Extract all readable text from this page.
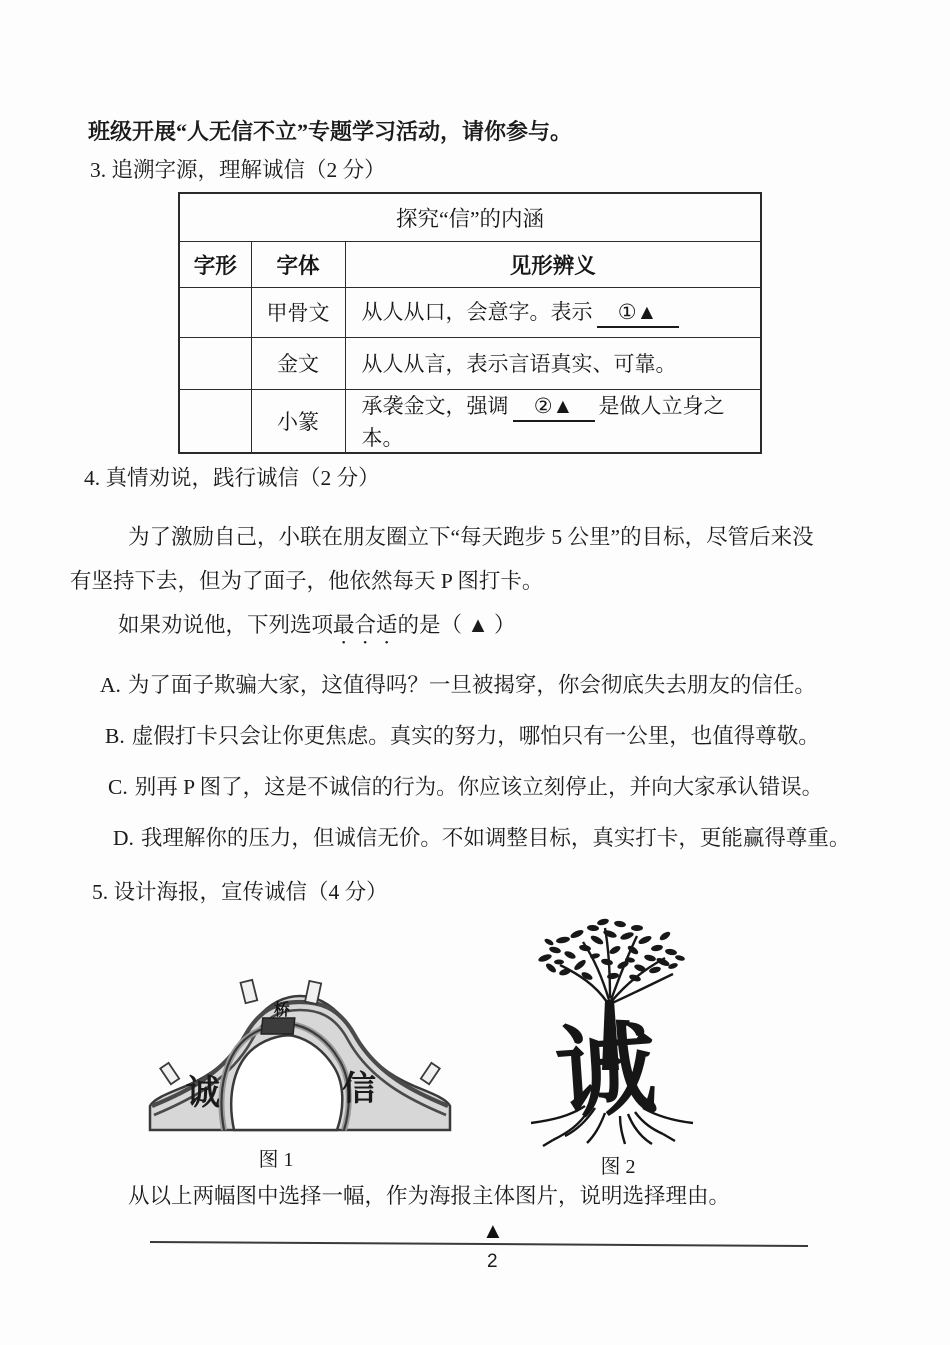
班级开展“人无信不立”专题学习活动，请你参与。
3. 追溯字源，理解诚信（2 分）
探究“信”的内涵		
字形	字体	见形辨义
	甲骨文	从人从口，会意字。表示 ①▲
	金文	从人从言，表示言语真实、可靠。
	小篆	承袭金文，强调 ②▲ 是做人立身之本。
4. 真情劝说，践行诚信（2 分）
为了激励自己，小联在朋友圈立下“每天跑步 5 公里”的目标，尽管后来没
有坚持下去，但为了面子，他依然每天 P 图打卡。
如果劝说他，下列选项最合适的是（ ▲ ）
A. 为了面子欺骗大家，这值得吗？一旦被揭穿，你会彻底失去朋友的信任。
B. 虚假打卡只会让你更焦虑。真实的努力，哪怕只有一公里，也值得尊敬。
C. 别再 P 图了，这是不诚信的行为。你应该立刻停止，并向大家承认错误。
D. 我理解你的压力，但诚信无价。不如调整目标，真实打卡，更能赢得尊重。
5. 设计海报，宣传诚信（4 分）
桥
诚	信
图 1
诚
图 2
从以上两幅图中选择一幅，作为海报主体图片，说明选择理由。
▲
2
